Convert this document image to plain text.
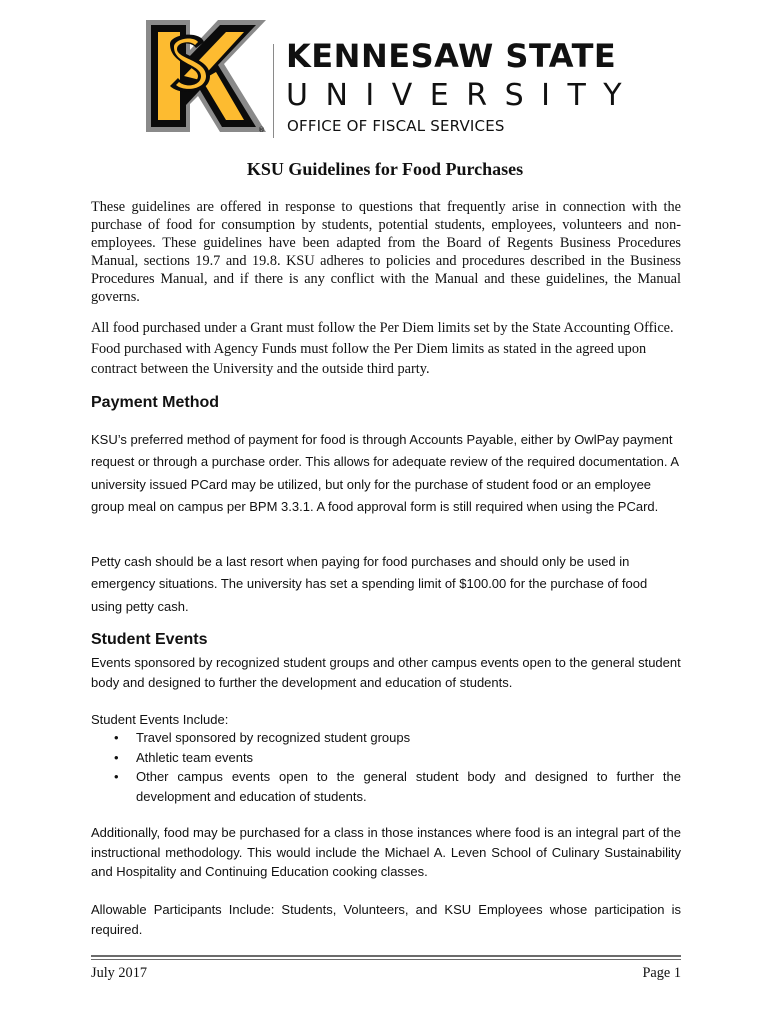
®
KENNESAW STATE
UNIVERSITY
OFFICE OF FISCAL SERVICES
KSU Guidelines for Food Purchases

These guidelines are offered in response to questions that frequently arise in connection with the purchase of food for consumption by students, potential students, employees, volunteers and non-employees. These guidelines have been adapted from the Board of Regents Business Procedures Manual, sections 19.7 and 19.8. KSU adheres to policies and procedures described in the Business Procedures Manual, and if there is any conflict with the Manual and these guidelines, the Manual governs.

All food purchased under a Grant must follow the Per Diem limits set by the State Accounting Office. Food purchased with Agency Funds must follow the Per Diem limits as stated in the agreed upon contract between the University and the outside third party.

Payment Method

KSU’s preferred method of payment for food is through Accounts Payable, either by OwlPay payment request or through a purchase order. This allows for adequate review of the required documentation. A university issued PCard may be utilized, but only for the purchase of student food or an employee group meal on campus per BPM 3.3.1. A food approval form is still required when using the PCard.

Petty cash should be a last resort when paying for food purchases and should only be used in emergency situations. The university has set a spending limit of $100.00 for the purchase of food using petty cash.

Student Events

Events sponsored by recognized student groups and other campus events open to the general student body and designed to further the development and education of students.

Student Events Include:

• Travel sponsored by recognized student groups
• Athletic team events
• Other campus events open to the general student body and designed to further the development and education of students.

Additionally, food may be purchased for a class in those instances where food is an integral part of the instructional methodology. This would include the Michael A. Leven School of Culinary Sustainability and Hospitality and Continuing Education cooking classes.

Allowable Participants Include: Students, Volunteers, and KSU Employees whose participation is required.

July 2017	Page 1
